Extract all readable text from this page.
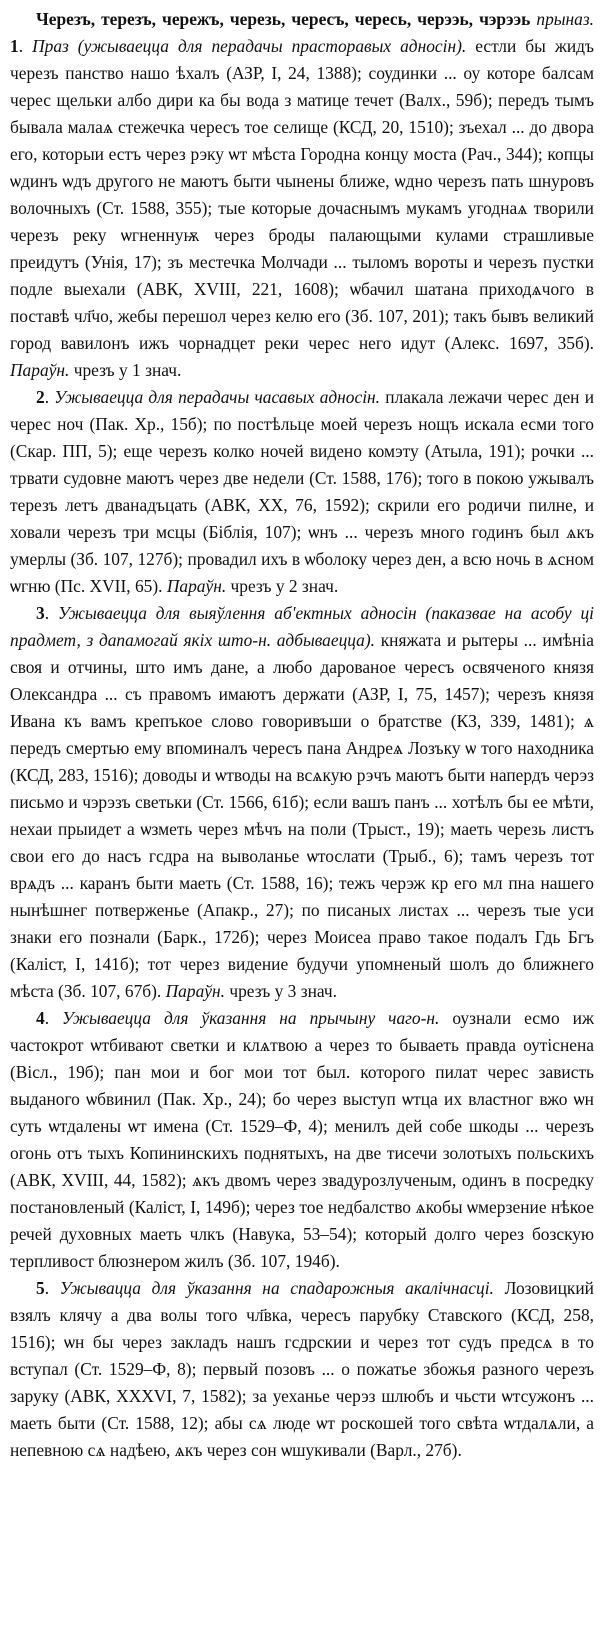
Черезъ, терезъ, чережъ, черезь, чересъ, чересь, черээь, чэрээь прыназ. 1. Праз (ужываецца для перадачы прасторавых адносін). естли бы жидъ черезъ панство нашо ѣхалъ (АЗР, I, 24, 1388); соудинки ... оу которе балсам черес щельки албо дири ка бы вода з матице течет (Валх., 59б); передъ тымъ бывала малаѧ стежечка чересъ тое селище (КСД, 20, 1510); зъехал ... до двора его, которыи естъ через рэку ѡт мѣста Городна концу моста (Рач., 344); копцы ѡдинъ ѡдъ другого не маютъ быти чынены ближе, ѡдно черезъ пать шнуровъ волочныхъ (Ст. 1588, 355); тые которые дочаснымъ мукамъ угоднаѧ творили черезъ реку ѡгненнуѭ через броды палающыми кулами страшливые преидутъ (Унія, 17); зъ местечка Молчади ... тыломъ вороты и черезъ пустки подле выехали (АВК, XVIII, 221, 1608); ѡбачил шатана приходѧчого в поставѣ чл҃чо, жебы перешол через келю его (Зб. 107, 201); такъ бывъ великий город вавилонъ ижъ чорнадцет реки черес него идут (Алекс. 1697, 35б). Параўн. чрезъ у 1 знач.

2. Ужываецца для перадачы часавых адносін. плакала лежачи черес ден и черес ноч (Пак. Хр., 15б); по постѣльце моей черезъ нощъ искала есми того (Скар. ПП, 5); еще черезъ колко ночей видено комэту (Атыла, 191); рочки ... трвати судовне маютъ через две недели (Ст. 1588, 176); того в покою ужывалъ терезъ летъ дванадъцать (АВК, XX, 76, 1592); скрили его родичи пилне, и ховали черезъ три мсцы (Біблія, 107); ѡнъ ... черезъ много годинъ был ѧкъ умерлы (Зб. 107, 127б); провадил ихъ в ѡболоку через ден, а всю ночь в ѧсном ѡгню (Пс. XVII, 65). Параўн. чрезъ у 2 знач.

3. Ужываецца для выяўлення аб'ектных адносін (паказвае на асобу ці прадмет, з дапамогай якіх што-н. адбываецца). княжата и рытеры ... имѣнiа своя и отчины, што имъ дане, а любо дарованое чересъ освяченого князя Олександра ... съ правомъ имаютъ держати (АЗР, I, 75, 1457); черезъ князя Ивана къ вамъ крепъкое слово говоривъши о братстве (КЗ, 339, 1481); ѧ передъ смертью ему впоминалъ чересъ пана Андреѧ Лозъку ѡ того находника (КСД, 283, 1516); доводы и ѡтводы на всѧкую рэчъ маютъ быти напердъ черэз письмо и чэрэзъ светьки (Ст. 1566, 61б); если вашъ панъ ... хотѣлъ бы ее мѣти, нехаи прыидет а ѡзметь через мѣчъ на поли (Трыст., 19); маеть черезь листъ свои его до насъ гсдра на выволанье ѡтослати (Трыб., 6); тамъ черезъ тот врѧдъ ... каранъ быти маеть (Ст. 1588, 16); тежъ черэж кр его мл пна нашего нынѣшнег потверженье (Апакр., 27); по писаных листах ... черезъ тые уси знаки его познали (Барк., 172б); через Моисеа право такое подалъ Гдь Бгъ (Каліст, I, 141б); тот через видение будучи упомненый шолъ до ближнего мѣста (Зб. 107, 67б). Параўн. чрезъ у 3 знач.

4. Ужываецца для ўказання на прычыну чаго-н. оузнали есмо иж частокрот ѡтбивают светки и клѧтвою а через то бываеть правда оутіснена (Вісл., 19б); пан мои и бог мои тот был. которого пилат черес зависть выданого ѡбвинил (Пак. Хр., 24); бо через выступ ѡтца их властног вжо ѡн суть ѡтдалены ѡт имена (Ст. 1529–Ф, 4); менилъ дей собе шкоды ... черезъ огонь отъ тыхъ Копининскихъ поднятыхъ, на две тисечи золотыхъ польскихъ (АВК, XVIII, 44, 1582); ѧкъ двомъ через звадурозлученым, одинъ в посредку постановленый (Каліст, I, 149б); через тое недбалство ѧкобы ѡмерзение нѣкое речей духовных маеть члкъ (Навука, 53–54); который долго через бозскую терпливост блюзнером жилъ (Зб. 107, 194б).

5. Ужывацца для ўказання на спадарожныя акалічнасці. Лозовицкий взялъ клячу а два волы того чл҃вка, чересъ парубку Ставского (КСД, 258, 1516); ѡн бы через закладъ нашъ гсдрскии и через тот судъ предсѧ в то вступал (Ст. 1529–Ф, 8); первый позовъ ... о пожатье збожья разного черезъ заруку (АВК, XXXVI, 7, 1582); за уеханье черэз шлюбъ и чьсти ѡтсужонъ ... маеть быти (Ст. 1588, 12); абы сѧ люде ѡт роскошей того свѣта ѡтдалѧли, а непевною сѧ надѣею, ѧкъ через сон ѡшукивали (Варл., 27б).
